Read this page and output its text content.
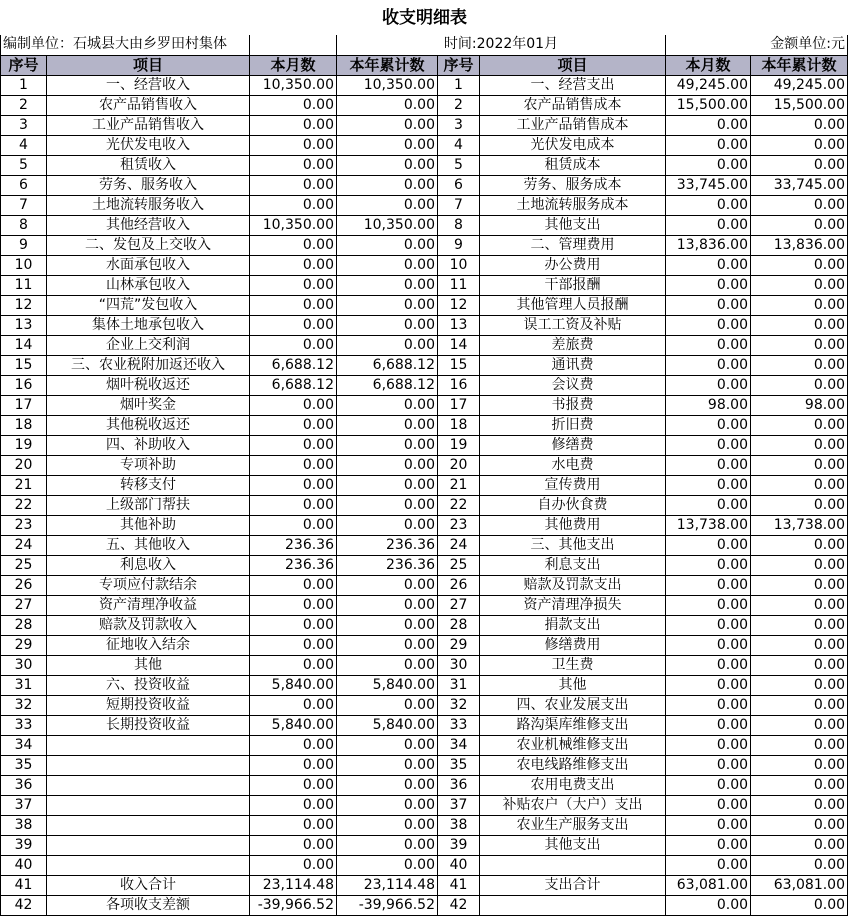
收支明细表
编制单位：石城县大由乡罗田村集体			时间:2022年01月			金额单位:元	
序号	项目	本月数	本年累计数	序号	项目	本月数	本年累计数
1	一、经营收入	10,350.00	10,350.00	1	一、经营支出	49,245.00	49,245.00
2	农产品销售收入	0.00	0.00	2	农产品销售成本	15,500.00	15,500.00
3	工业产品销售收入	0.00	0.00	3	工业产品销售成本	0.00	0.00
4	光伏发电收入	0.00	0.00	4	光伏发电成本	0.00	0.00
5	租赁收入	0.00	0.00	5	租赁成本	0.00	0.00
6	劳务、服务收入	0.00	0.00	6	劳务、服务成本	33,745.00	33,745.00
7	土地流转服务收入	0.00	0.00	7	土地流转服务成本	0.00	0.00
8	其他经营收入	10,350.00	10,350.00	8	其他支出	0.00	0.00
9	二、发包及上交收入	0.00	0.00	9	二、管理费用	13,836.00	13,836.00
10	水面承包收入	0.00	0.00	10	办公费用	0.00	0.00
11	山林承包收入	0.00	0.00	11	干部报酬	0.00	0.00
12	“四荒”发包收入	0.00	0.00	12	其他管理人员报酬	0.00	0.00
13	集体土地承包收入	0.00	0.00	13	误工工资及补贴	0.00	0.00
14	企业上交利润	0.00	0.00	14	差旅费	0.00	0.00
15	三、农业税附加返还收入	6,688.12	6,688.12	15	通讯费	0.00	0.00
16	烟叶税收返还	6,688.12	6,688.12	16	会议费	0.00	0.00
17	烟叶奖金	0.00	0.00	17	书报费	98.00	98.00
18	其他税收返还	0.00	0.00	18	折旧费	0.00	0.00
19	四、补助收入	0.00	0.00	19	修缮费	0.00	0.00
20	专项补助	0.00	0.00	20	水电费	0.00	0.00
21	转移支付	0.00	0.00	21	宣传费用	0.00	0.00
22	上级部门帮扶	0.00	0.00	22	自办伙食费	0.00	0.00
23	其他补助	0.00	0.00	23	其他费用	13,738.00	13,738.00
24	五、其他收入	236.36	236.36	24	三、其他支出	0.00	0.00
25	利息收入	236.36	236.36	25	利息支出	0.00	0.00
26	专项应付款结余	0.00	0.00	26	赔款及罚款支出	0.00	0.00
27	资产清理净收益	0.00	0.00	27	资产清理净损失	0.00	0.00
28	赔款及罚款收入	0.00	0.00	28	捐款支出	0.00	0.00
29	征地收入结余	0.00	0.00	29	修缮费用	0.00	0.00
30	其他	0.00	0.00	30	卫生费	0.00	0.00
31	六、投资收益	5,840.00	5,840.00	31	其他	0.00	0.00
32	短期投资收益	0.00	0.00	32	四、农业发展支出	0.00	0.00
33	长期投资收益	5,840.00	5,840.00	33	路沟渠库维修支出	0.00	0.00
34		0.00	0.00	34	农业机械维修支出	0.00	0.00
35		0.00	0.00	35	农电线路维修支出	0.00	0.00
36		0.00	0.00	36	农用电费支出	0.00	0.00
37		0.00	0.00	37	补贴农户（大户）支出	0.00	0.00
38		0.00	0.00	38	农业生产服务支出	0.00	0.00
39		0.00	0.00	39	其他支出	0.00	0.00
40		0.00	0.00	40		0.00	0.00
41	收入合计	23,114.48	23,114.48	41	支出合计	63,081.00	63,081.00
42	各项收支差额	-39,966.52	-39,966.52	42		0.00	0.00
